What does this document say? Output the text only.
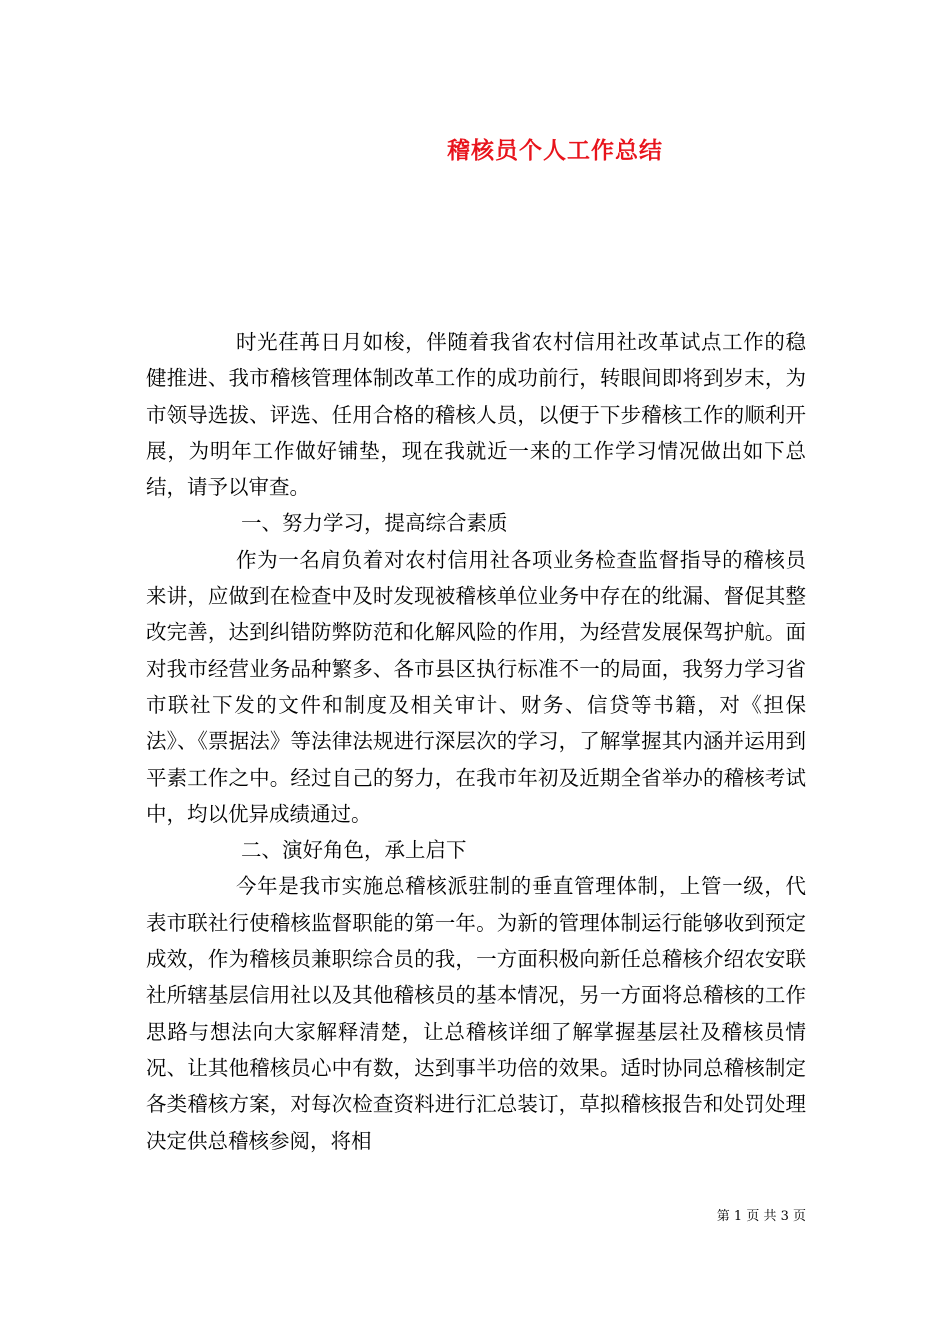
稽核员个人工作总结

时光荏苒日月如梭，伴随着我省农村信用社改革试点工作的稳健推进、我市稽核管理体制改革工作的成功前行，转眼间即将到岁末，为市领导选拔、评选、任用合格的稽核人员，以便于下步稽核工作的顺利开展，为明年工作做好铺垫，现在我就近一来的工作学习情况做出如下总结，请予以审查。

一、努力学习，提高综合素质

作为一名肩负着对农村信用社各项业务检查监督指导的稽核员来讲，应做到在检查中及时发现被稽核单位业务中存在的纰漏、督促其整改完善，达到纠错防弊防范和化解风险的作用，为经营发展保驾护航。面对我市经营业务品种繁多、各市县区执行标准不一的局面，我努力学习省市联社下发的文件和制度及相关审计、财务、信贷等书籍，对《担保法》、《票据法》等法律法规进行深层次的学习，了解掌握其内涵并运用到平素工作之中。经过自己的努力，在我市年初及近期全省举办的稽核考试中，均以优异成绩通过。

二、演好角色，承上启下

今年是我市实施总稽核派驻制的垂直管理体制，上管一级，代表市联社行使稽核监督职能的第一年。为新的管理体制运行能够收到预定成效，作为稽核员兼职综合员的我，一方面积极向新任总稽核介绍农安联社所辖基层信用社以及其他稽核员的基本情况，另一方面将总稽核的工作思路与想法向大家解释清楚，让总稽核详细了解掌握基层社及稽核员情况、让其他稽核员心中有数，达到事半功倍的效果。适时协同总稽核制定各类稽核方案，对每次检查资料进行汇总装订，草拟稽核报告和处罚处理决定供总稽核参阅，将相

第 1 页 共 3 页
